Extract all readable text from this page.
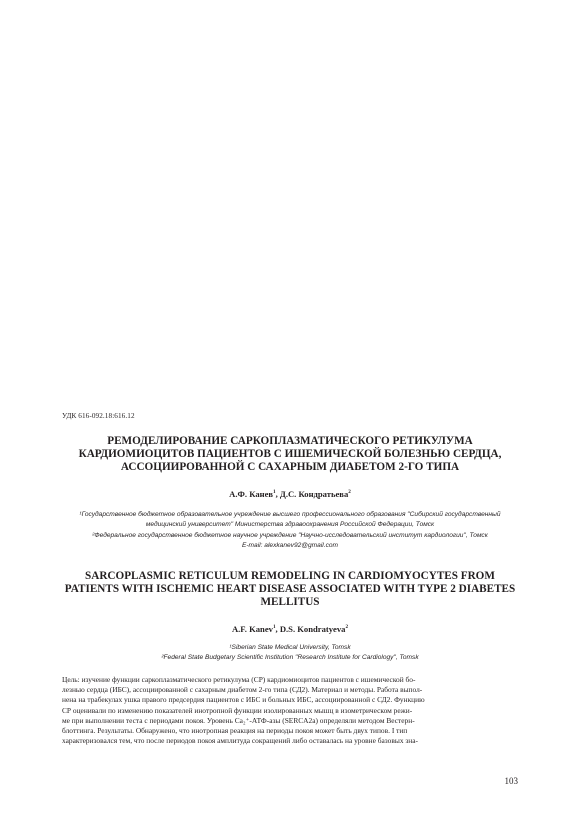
УДК 616-092.18:616.12
РЕМОДЕЛИРОВАНИЕ САРКОПЛАЗМАТИЧЕСКОГО РЕТИКУЛУМА
КАРДИОМИОЦИТОВ ПАЦИЕНТОВ С ИШЕМИЧЕСКОЙ БОЛЕЗНЬЮ СЕРДЦА,
АССОЦИИРОВАННОЙ С САХАРНЫМ ДИАБЕТОМ 2-ГО ТИПА
А.Ф. Канев$^1$, Д.С. Кондратьева$^2$
¹Государственное бюджетное образовательное учреждение высшего профессионального образования "Сибирский государственный
медицинский университет" Министерства здравоохранения Российской Федерации, Томск
²Федеральное государственное бюджетное научное учреждение "Научно-исследовательский институт кардиологии", Томск
E-mail: alexkanev92@gmail.com
SARCOPLASMIC RETICULUM REMODELING IN CARDIOMYOCYTES FROM
PATIENTS WITH ISCHEMIC HEART DISEASE ASSOCIATED WITH TYPE 2 DIABETES
MELLITUS
A.F. Kanev$^1$, D.S. Kondratyeva$^2$
¹Siberian State Medical University, Tomsk
²Federal State Budgetary Scientific Institution "Research Institute for Cardiology", Tomsk
Цель: изучение функции саркоплазматического ретикулума (СР) кардиомиоцитов пациентов с ишемической бо-
лезнью сердца (ИБС), ассоциированной с сахарным диабетом 2-го типа (СД2). Материал и методы. Работа выпол-
нена на трабекулах ушка правого предсердия пациентов с ИБС и больных ИБС, ассоциированной с СД2. Функцию
СР оценивали по изменению показателей инотропной функции изолированных мышц в изометрическом режи-
ме при выполнении теста с периодами покоя. Уровень Ca₂⁺-АТФ-азы (SERCA2a) определяли методом Вестерн-
блоттинга. Результаты. Обнаружено, что инотропная реакция на периоды покоя может быть двух типов. I тип
характеризовался тем, что после периодов покоя амплитуда сокращений либо оставалась на уровне базовых зна-
103
